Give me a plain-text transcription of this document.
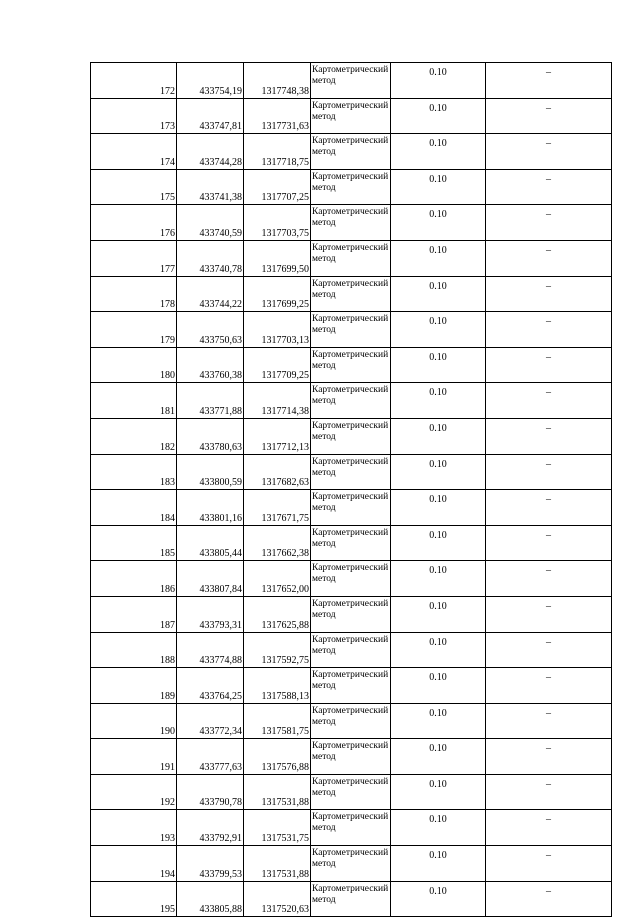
172	433754,19	1317748,38	Картометрический метод	0.10	–
173	433747,81	1317731,63	Картометрический метод	0.10	–
174	433744,28	1317718,75	Картометрический метод	0.10	–
175	433741,38	1317707,25	Картометрический метод	0.10	–
176	433740,59	1317703,75	Картометрический метод	0.10	–
177	433740,78	1317699,50	Картометрический метод	0.10	–
178	433744,22	1317699,25	Картометрический метод	0.10	–
179	433750,63	1317703,13	Картометрический метод	0.10	–
180	433760,38	1317709,25	Картометрический метод	0.10	–
181	433771,88	1317714,38	Картометрический метод	0.10	–
182	433780,63	1317712,13	Картометрический метод	0.10	–
183	433800,59	1317682,63	Картометрический метод	0.10	–
184	433801,16	1317671,75	Картометрический метод	0.10	–
185	433805,44	1317662,38	Картометрический метод	0.10	–
186	433807,84	1317652,00	Картометрический метод	0.10	–
187	433793,31	1317625,88	Картометрический метод	0.10	–
188	433774,88	1317592,75	Картометрический метод	0.10	–
189	433764,25	1317588,13	Картометрический метод	0.10	–
190	433772,34	1317581,75	Картометрический метод	0.10	–
191	433777,63	1317576,88	Картометрический метод	0.10	–
192	433790,78	1317531,88	Картометрический метод	0.10	–
193	433792,91	1317531,75	Картометрический метод	0.10	–
194	433799,53	1317531,88	Картометрический метод	0.10	–
195	433805,88	1317520,63	Картометрический метод	0.10	–
